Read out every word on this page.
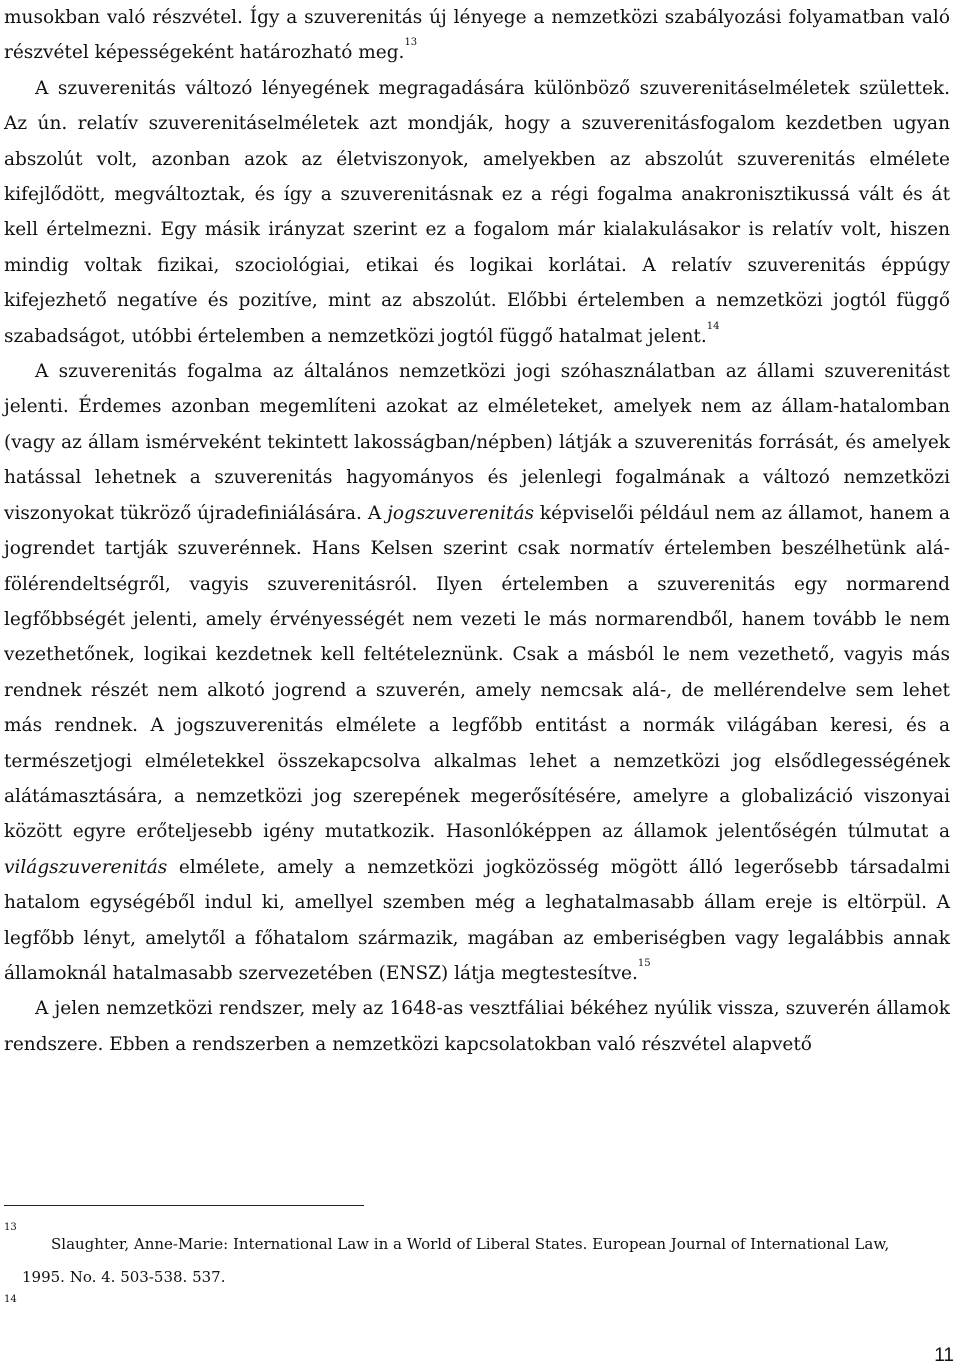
musokban való részvétel. Így a szuverenitás új lényege a nemzetközi szabályozási folyamatban való részvétel képességeként határozható meg.$^{13}$

A szuverenitás változó lényegének megragadására különböző szuverenitáselméletek születtek. Az ún. relatív szuverenitáselméletek azt mondják, hogy a szuverenitásfogalom kezdetben ugyan abszolút volt, azonban azok az életviszonyok, amelyekben az abszolút szuverenitás elmélete kifejlődött, megváltoztak, és így a szuverenitásnak ez a régi fogalma anakronisztikussá vált és át kell értelmezni. Egy másik irányzat szerint ez a fogalom már kialakulásakor is relatív volt, hiszen mindig voltak fizikai, szociológiai, etikai és logikai korlátai. A relatív szuverenitás éppúgy kifejezhető negatíve és pozitíve, mint az abszolút. Előbbi értelemben a nemzetközi jogtól függő szabadságot, utóbbi értelemben a nemzetközi jogtól függő hatalmat jelent.$^{14}$

A szuverenitás fogalma az általános nemzetközi jogi szóhasználatban az állami szuverenitást jelenti. Érdemes azonban megemlíteni azokat az elméleteket, amelyek nem az állam-hatalomban (vagy az állam ismérveként tekintett lakosságban/népben) látják a szuverenitás forrását, és amelyek hatással lehetnek a szuverenitás hagyományos és jelenlegi fogalmának a változó nemzetközi viszonyokat tükröző újradefiniálására. A jogszuverenitás képviselői például nem az államot, hanem a jogrendet tartják szuverénnek. Hans Kelsen szerint csak normatív értelemben beszélhetünk alá-fölérendeltségről, vagyis szuverenitásról. Ilyen értelemben a szuverenitás egy normarend legfőbbségét jelenti, amely érvényességét nem vezeti le más normarendből, hanem tovább le nem vezethetőnek, logikai kezdetnek kell feltételeznünk. Csak a másból le nem vezethető, vagyis más rendnek részét nem alkotó jogrend a szuverén, amely nemcsak alá-, de mellérendelve sem lehet más rendnek. A jogszuverenitás elmélete a legfőbb entitást a normák világában keresi, és a természetjogi elméletekkel összekapcsolva alkalmas lehet a nemzetközi jog elsődlegességének alátámasztására, a nemzetközi jog szerepének megerősítésére, amelyre a globalizáció viszonyai között egyre erőteljesebb igény mutatkozik. Hasonlóképpen az államok jelentőségén túlmutat a világszuverenitás elmélete, amely a nemzetközi jogközösség mögött álló legerősebb társadalmi hatalom egységéből indul ki, amellyel szemben még a leghatalmasabb állam ereje is eltörpül. A legfőbb lényt, amelytől a főhatalom származik, magában az emberiségben vagy legalábbis annak államoknál hatalmasabb szervezetében (ENSZ) látja megtestesítve.$^{15}$

A jelen nemzetközi rendszer, mely az 1648-as vesztfáliai békéhez nyúlik vissza, szuverén államok rendszere. Ebben a rendszerben a nemzetközi kapcsolatokban való részvétel alapvető

13
Slaughter, Anne-Marie: International Law in a World of Liberal States. European Journal of International Law, 1995. No. 4. 503-538. 537.
14
11
